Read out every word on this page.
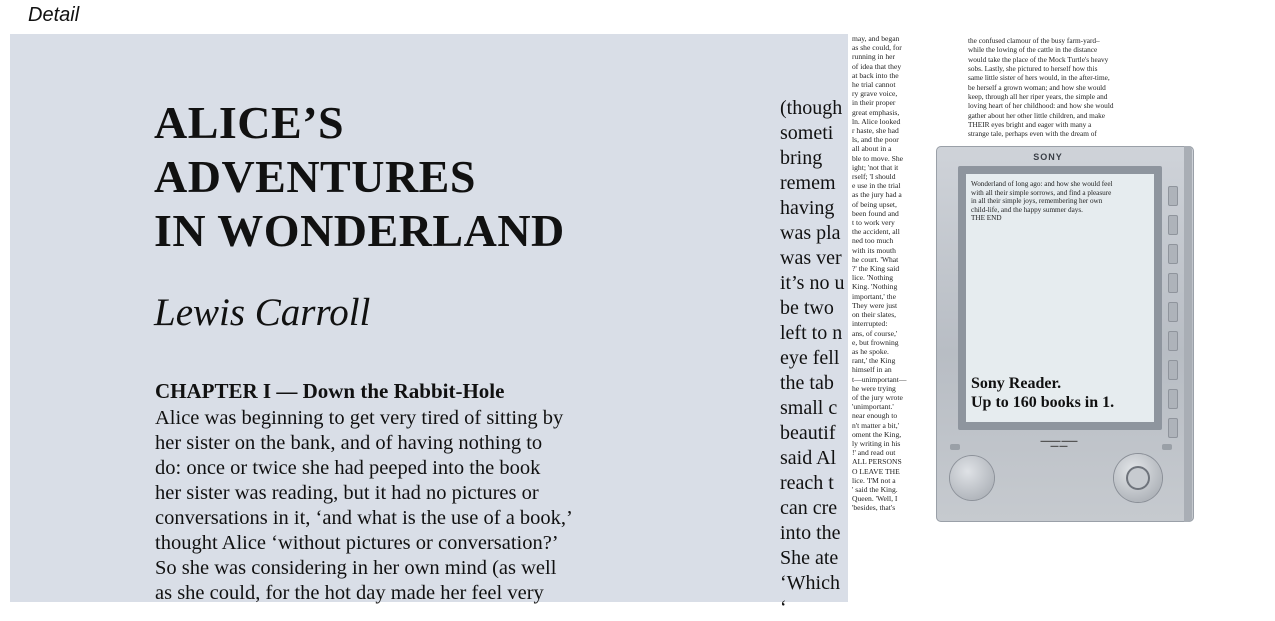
Detail
ALICE’S
ADVENTURES
IN WONDERLAND
Lewis Carroll
CHAPTER I — Down the Rabbit-Hole
Alice was beginning to get very tired of sitting by
her sister on the bank, and of having nothing to
do: once or twice she had peeped into the book
her sister was reading, but it had no pictures or
conversations in it, ‘and what is the use of a book,’
thought Alice ‘without pictures or conversation?’
So she was considering in her own mind (as well
as she could, for the hot day made her feel very
(though
someti
bring
remem
having
was pla
was ver
it’s no u
be two
left to n
eye fell
the tab
small c
beautif
said Al
reach t
can cre
into the
She ate
‘Which
‘
may, and began
as she could, for
running in her
of idea that they
at back into the
he trial cannot
ry grave voice,
in their proper
great emphasis,
ln. Alice looked
r haste, she had
ls, and the poor
all about in a
ble to move. She
ight; 'not that it
rself; 'I should
e use in the trial
as the jury had a
of being upset,
been found and
t to work very
the accident, all
ned too much
with its mouth
he court. 'What
?' the King said
lice. 'Nothing
King. 'Nothing
important,' the
They were just
on their slates,
interrupted:
ans, of course,'
e, but frowning
as he spoke.
rant,' the King
himself in an
t—unimportant—
he were trying
of the jury wrote
'unimportant.'
near enough to
n't matter a bit,'
oment the King,
ly writing in his
!' and read out
ALL PERSONS
O LEAVE THE
lice. 'I'M not a
' said the King.
Queen. 'Well, I
'besides, that's
the confused clamour of the busy farm-yard–
while the lowing of the cattle in the distance
would take the place of the Mock Turtle's heavy
sobs. Lastly, she pictured to herself how this
same little sister of hers would, in the after-time,
be herself a grown woman; and how she would
keep, through all her riper years, the simple and
loving heart of her childhood: and how she would
gather about her other little children, and make
THEIR eyes bright and eager with many a
strange tale, perhaps even with the dream of
SONY
Wonderland of long ago: and how she would feel
with all their simple sorrows, and find a pleasure
in all their simple joys, remembering her own
child-life, and the happy summer days.
THE END
Sony Reader.
Up to 160 books in 1.
▬▬▬▬▬ ▬▬▬▬
▬▬ ▬▬
